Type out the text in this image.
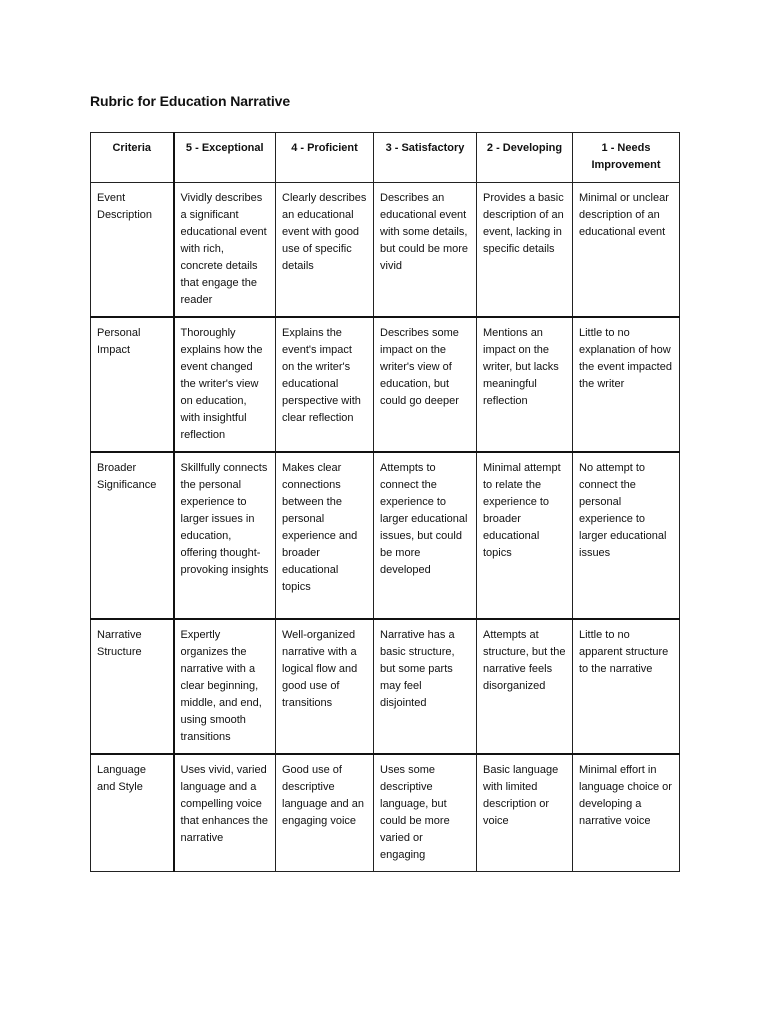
Rubric for Education Narrative
Criteria	5 - Exceptional	4 - Proficient	3 - Satisfactory	2 - Developing	1 - Needs Improvement
Event Description	Vividly describes a significant educational event with rich, concrete details that engage the reader	Clearly describes an educational event with good use of specific details	Describes an educational event with some details, but could be more vivid	Provides a basic description of an event, lacking in specific details	Minimal or unclear description of an educational event
Personal Impact	Thoroughly explains how the event changed the writer's view on education, with insightful reflection	Explains the event's impact on the writer's educational perspective with clear reflection	Describes some impact on the writer's view of education, but could go deeper	Mentions an impact on the writer, but lacks meaningful reflection	Little to no explanation of how the event impacted the writer
Broader Significance	Skillfully connects the personal experience to larger issues in education, offering thought-provoking insights	Makes clear connections between the personal experience and broader educational topics	Attempts to connect the experience to larger educational issues, but could be more developed	Minimal attempt to relate the experience to broader educational topics	No attempt to connect the personal experience to larger educational issues
Narrative Structure	Expertly organizes the narrative with a clear beginning, middle, and end, using smooth transitions	Well-organized narrative with a logical flow and good use of transitions	Narrative has a basic structure, but some parts may feel disjointed	Attempts at structure, but the narrative feels disorganized	Little to no apparent structure to the narrative
Language and Style	Uses vivid, varied language and a compelling voice that enhances the narrative	Good use of descriptive language and an engaging voice	Uses some descriptive language, but could be more varied or engaging	Basic language with limited description or voice	Minimal effort in language choice or developing a narrative voice
